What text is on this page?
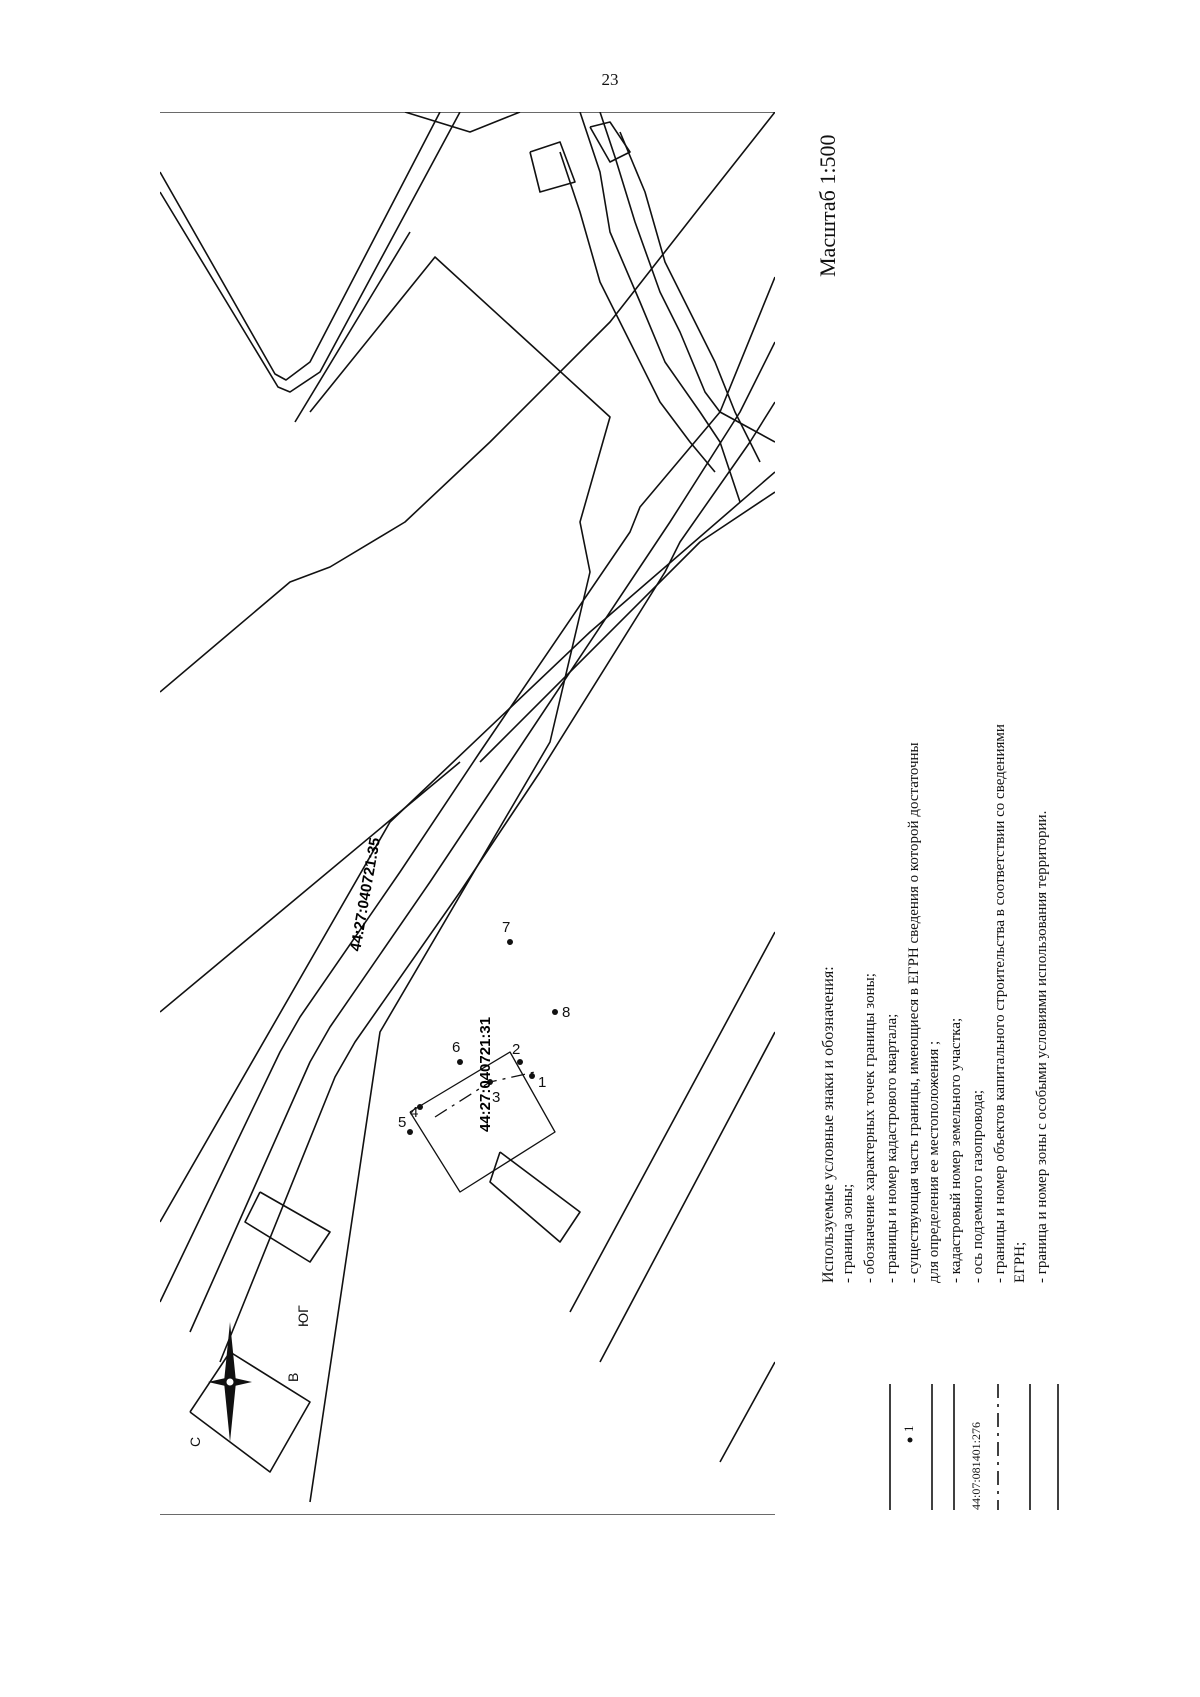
23
1
2
3
4
5
6
7
8
44:27:040721:35
44:27:040721:31
С
В
ЮГ
Масштаб 1:500
Используемые условные знаки и обозначения: - граница зоны; - обозначение характерных точек границы зоны; - границы и номер кадастрового квартала; - существующая часть границы, имеющиеся в ЕГРН сведения о которой достаточны для определения ее местоположения ; - кадастровый номер земельного участка; - ось подземного газопровода; - границы и номер объектов капитального строительства в соответствии со сведениями ЕГРН; - граница и номер зоны с особыми условиями использования территории.
1	44:07:081401:276
